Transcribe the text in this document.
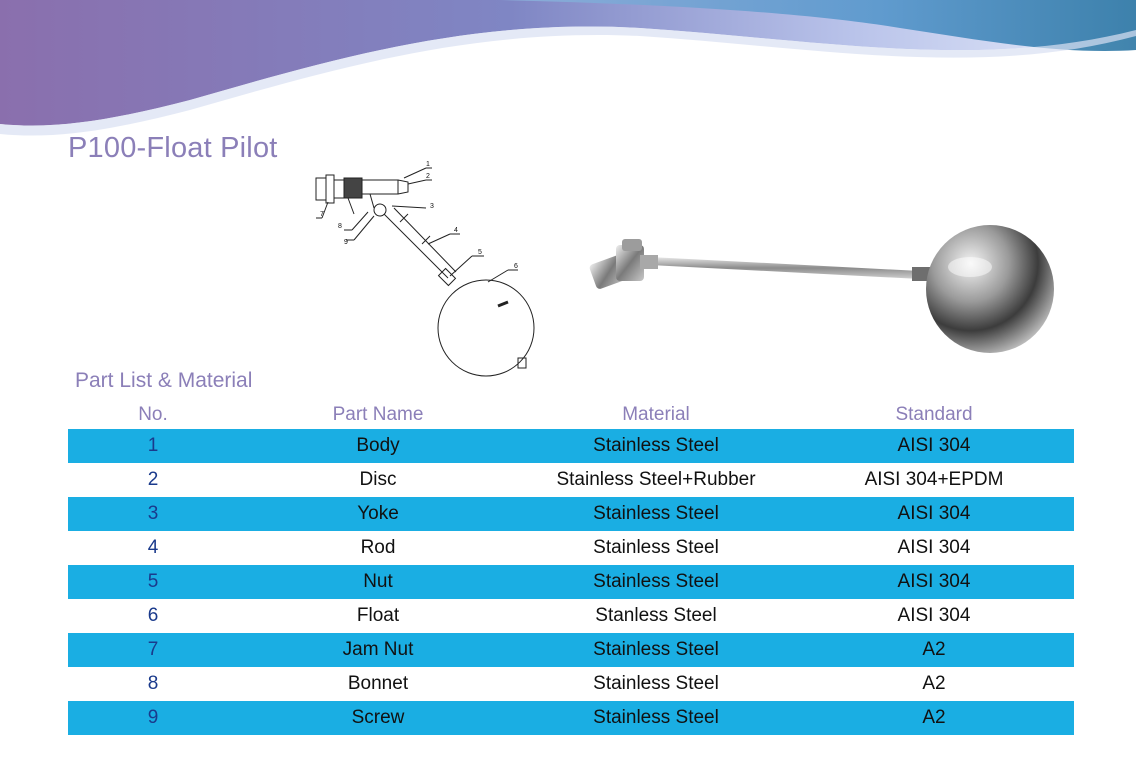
P100-Float Pilot
1
2
3
4
5
6
7
8
9
Part List & Material
No.	Part Name	Material	Standard
1	Body	Stainless Steel	AISI 304
2	Disc	Stainless Steel+Rubber	AISI 304+EPDM
3	Yoke	Stainless Steel	AISI 304
4	Rod	Stainless Steel	AISI 304
5	Nut	Stainless Steel	AISI 304
6	Float	Stanless Steel	AISI 304
7	Jam Nut	Stainless Steel	A2
8	Bonnet	Stainless Steel	A2
9	Screw	Stainless Steel	A2
